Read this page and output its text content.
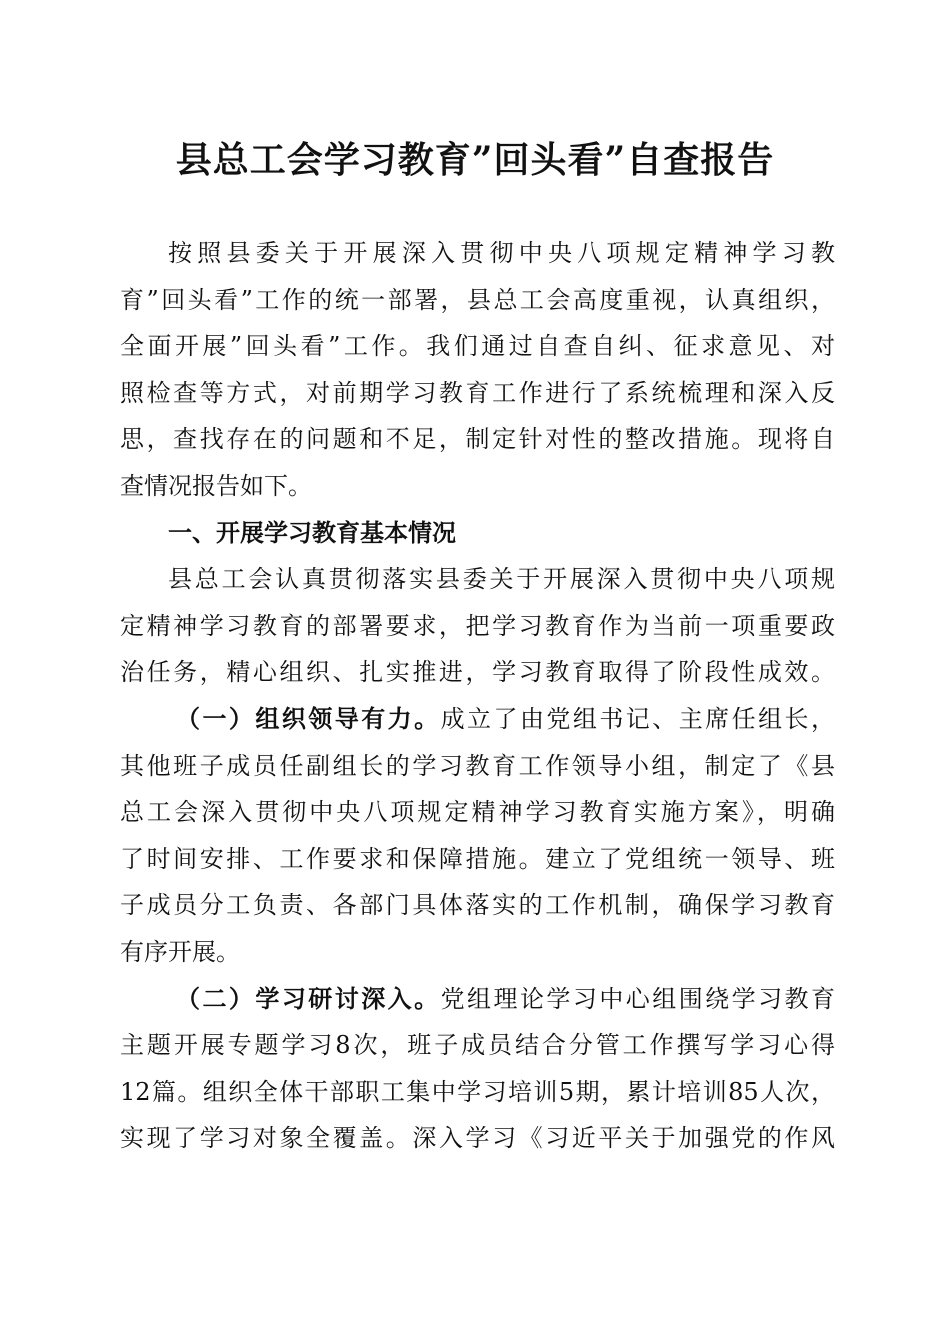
县总工会学习教育”回头看”自查报告
按照县委关于开展深入贯彻中央八项规定精神学习教
育”回头看”工作的统一部署，县总工会高度重视，认真组织，
全面开展”回头看”工作。我们通过自查自纠、征求意见、对
照检查等方式，对前期学习教育工作进行了系统梳理和深入反
思，查找存在的问题和不足，制定针对性的整改措施。现将自
查情况报告如下。
一、开展学习教育基本情况
县总工会认真贯彻落实县委关于开展深入贯彻中央八项规
定精神学习教育的部署要求，把学习教育作为当前一项重要政
治任务，精心组织、扎实推进，学习教育取得了阶段性成效。
（一）组织领导有力。成立了由党组书记、主席任组长，
其他班子成员任副组长的学习教育工作领导小组，制定了《县
总工会深入贯彻中央八项规定精神学习教育实施方案》，明确
了时间安排、工作要求和保障措施。建立了党组统一领导、班
子成员分工负责、各部门具体落实的工作机制，确保学习教育
有序开展。
（二）学习研讨深入。党组理论学习中心组围绕学习教育
主题开展专题学习8次，班子成员结合分管工作撰写学习心得
12篇。组织全体干部职工集中学习培训5期，累计培训85人次，
实现了学习对象全覆盖。深入学习《习近平关于加强党的作风
